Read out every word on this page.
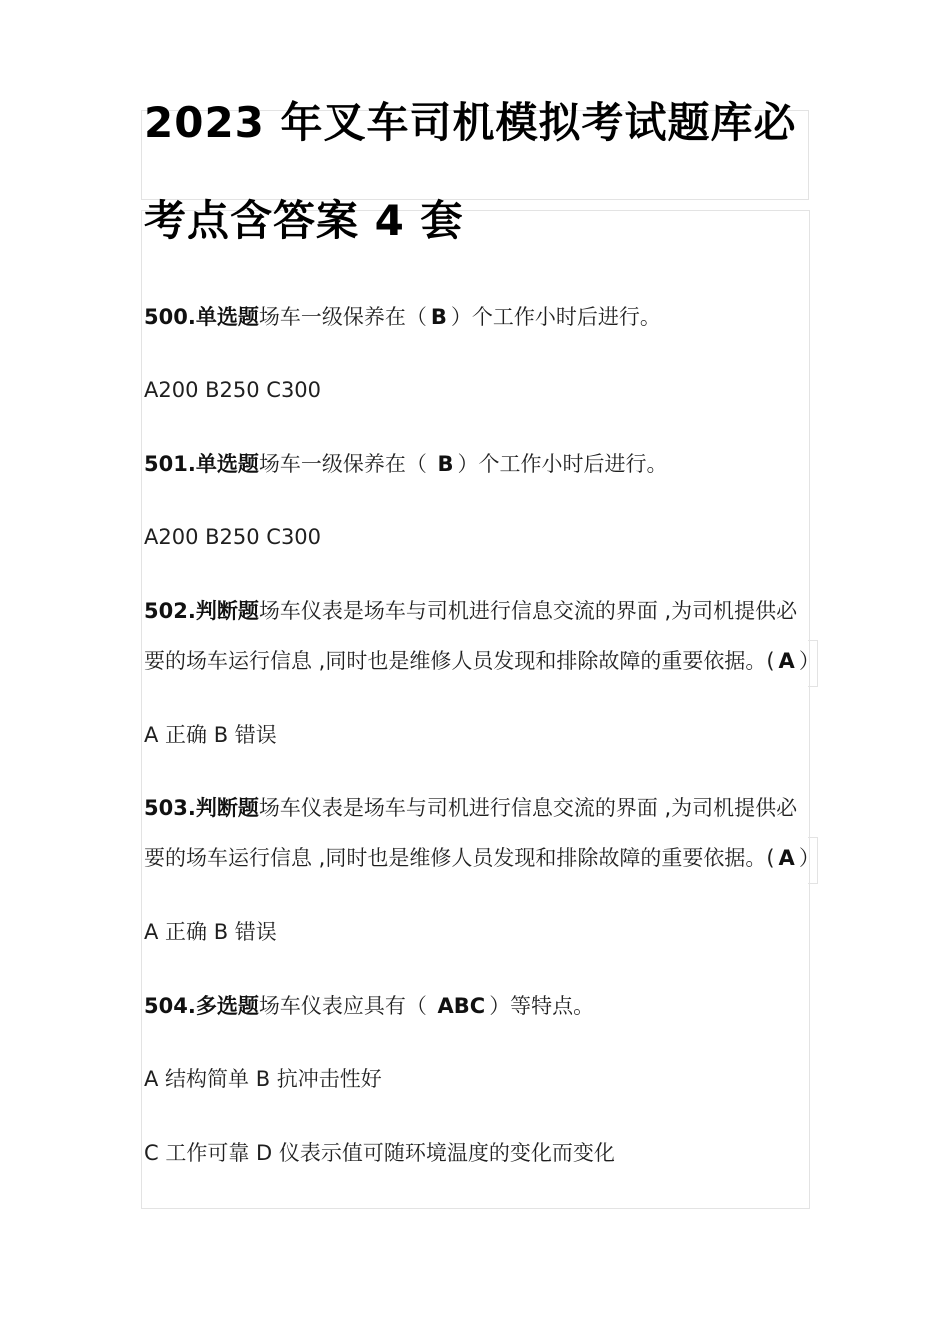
2023 年叉车司机模拟考试题库必
考点含答案 4 套

500.单选题场车一级保养在（ B ）个工作小时后进行。

A200 B250 C300

501.单选题场车一级保养在（ B ）个工作小时后进行。

A200 B250 C300

502.判断题场车仪表是场车与司机进行信息交流的界面 ,为司机提供必

要的场车运行信息 ,同时也是维修人员发现和排除故障的重要依据。( A ）

A 正确 B 错误

503.判断题场车仪表是场车与司机进行信息交流的界面 ,为司机提供必

要的场车运行信息 ,同时也是维修人员发现和排除故障的重要依据。( A ）

A 正确 B 错误

504.多选题场车仪表应具有（ ABC ）等特点。

A 结构简单 B 抗冲击性好

C 工作可靠 D 仪表示值可随环境温度的变化而变化
